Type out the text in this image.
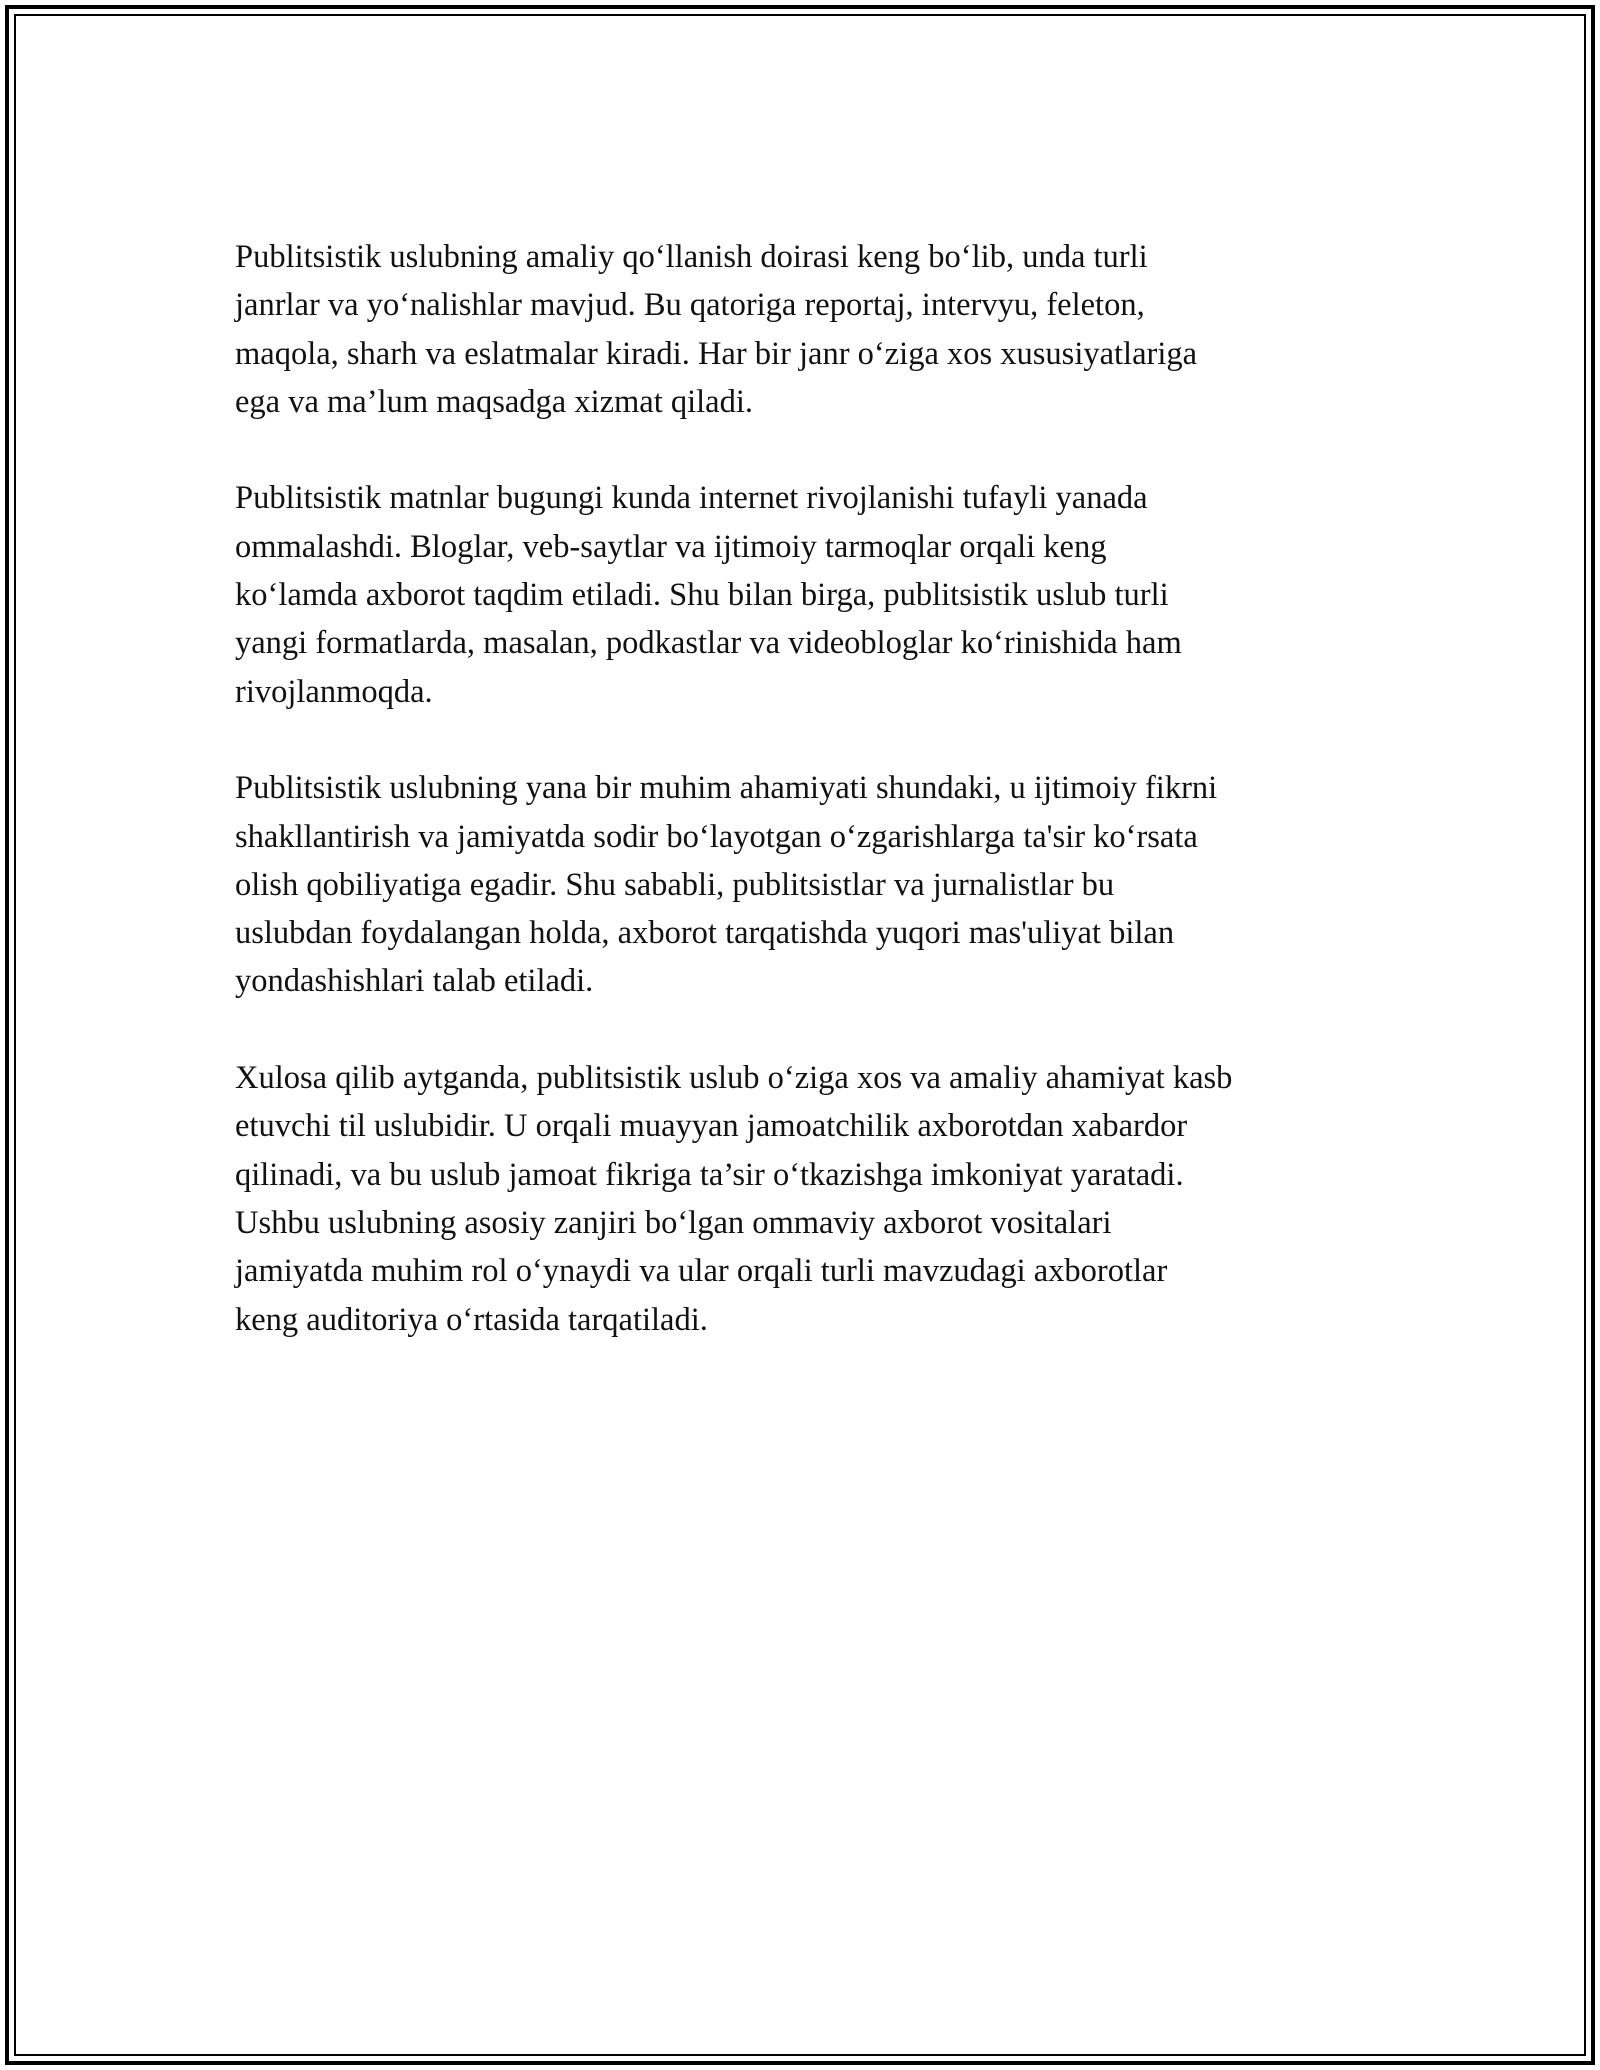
Publitsistik uslubning amaliy qo‘llanish doirasi keng bo‘lib, unda turli
janrlar va yo‘nalishlar mavjud. Bu qatoriga reportaj, intervyu, feleton,
maqola, sharh va eslatmalar kiradi. Har bir janr o‘ziga xos xususiyatlariga
ega va ma’lum maqsadga xizmat qiladi.

Publitsistik matnlar bugungi kunda internet rivojlanishi tufayli yanada
ommalashdi. Bloglar, veb-saytlar va ijtimoiy tarmoqlar orqali keng
ko‘lamda axborot taqdim etiladi. Shu bilan birga, publitsistik uslub turli
yangi formatlarda, masalan, podkastlar va videobloglar ko‘rinishida ham
rivojlanmoqda.

Publitsistik uslubning yana bir muhim ahamiyati shundaki, u ijtimoiy fikrni
shakllantirish va jamiyatda sodir bo‘layotgan o‘zgarishlarga ta'sir ko‘rsata
olish qobiliyatiga egadir. Shu sababli, publitsistlar va jurnalistlar bu
uslubdan foydalangan holda, axborot tarqatishda yuqori mas'uliyat bilan
yondashishlari talab etiladi.

Xulosa qilib aytganda, publitsistik uslub o‘ziga xos va amaliy ahamiyat kasb
etuvchi til uslubidir. U orqali muayyan jamoatchilik axborotdan xabardor
qilinadi, va bu uslub jamoat fikriga ta’sir o‘tkazishga imkoniyat yaratadi.
Ushbu uslubning asosiy zanjiri bo‘lgan ommaviy axborot vositalari
jamiyatda muhim rol o‘ynaydi va ular orqali turli mavzudagi axborotlar
keng auditoriya o‘rtasida tarqatiladi.
